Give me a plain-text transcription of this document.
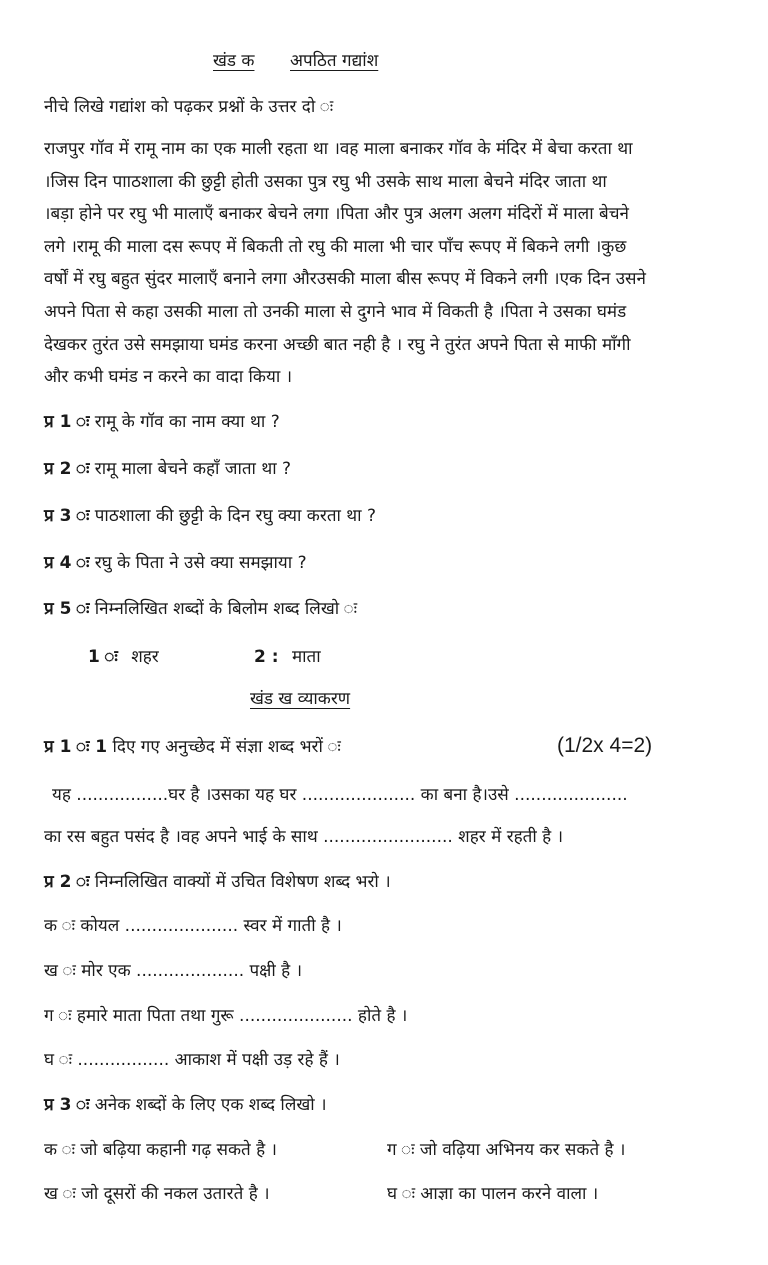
खंड क अपठित गद्यांश
नीचे लिखे गद्यांश को पढ़कर प्रश्नों के उत्तर दो ः
राजपुर गॉव में रामू नाम का एक माली रहता था ।वह माला बनाकर गॉव के मंदिर में बेचा करता था
।जिस दिन पााठशाला की छुट्टी होती उसका पुत्र रघु भी उसके साथ माला बेचने मंदिर जाता था
।बड़ा होने पर रघु भी मालाऍं बनाकर बेचने लगा ।पिता और पुत्र अलग अलग मंदिरों में माला बेचने
लगे ।रामू की माला दस रूपए में बिकती तो रघु की माला भी चार पॉंच रूपए में बिकने लगी ।कुछ
वर्षों में रघु बहुत सुंदर मालाऍं बनाने लगा औरउसकी माला बीस रूपए में विकने लगी ।एक दिन उसने
अपने पिता से कहा उसकी माला तो उनकी माला से दुगने भाव में विकती है ।पिता ने उसका घमंड
देखकर तुरंत उसे समझाया घमंड करना अच्छी बात नही है । रघु ने तुरंत अपने पिता से माफी मॉंगी
और कभी घमंड न करने का वादा किया ।
प्र 1 ः रामू के गॉव का नाम क्या था ?
प्र 2 ः रामू माला बेचने कहॉं जाता था ?
प्र 3 ः पाठशाला की छुट्टी के दिन रघु क्या करता था ?
प्र 4 ः रघु के पिता ने उसे क्या समझाया ?
प्र 5 ः निम्नलिखित शब्दों के बिलोम शब्द लिखो ः
1 ः शहर	2 : माता
खंड ख व्याकरण
प्र 1 ः 1 दिए गए अनुच्छेद में संज्ञा शब्द भरों ः	(1/2x 4=2)
यह .................घर है ।उसका यह घर ..................... का बना है।उसे .....................
का रस बहुत पसंद है ।वह अपने भाई के साथ ........................ शहर में रहती है ।
प्र 2 ः निम्नलिखित वाक्यों में उचित विशेषण शब्द भरो ।
क ः कोयल ..................... स्वर में गाती है ।
ख ः मोर एक .................... पक्षी है ।
ग ः हमारे माता पिता तथा गुरू ..................... होते है ।
घ ः ................. आकाश में पक्षी उड़ रहे हैं ।
प्र 3 ः अनेक शब्दों के लिए एक शब्द लिखो ।
क ः जो बढ़िया कहानी गढ़ सकते है ।	ग ः जो वढ़िया अभिनय कर सकते है ।
ख ः जो दूसरों की नकल उतारते है ।	घ ः आज्ञा का पालन करने वाला ।
